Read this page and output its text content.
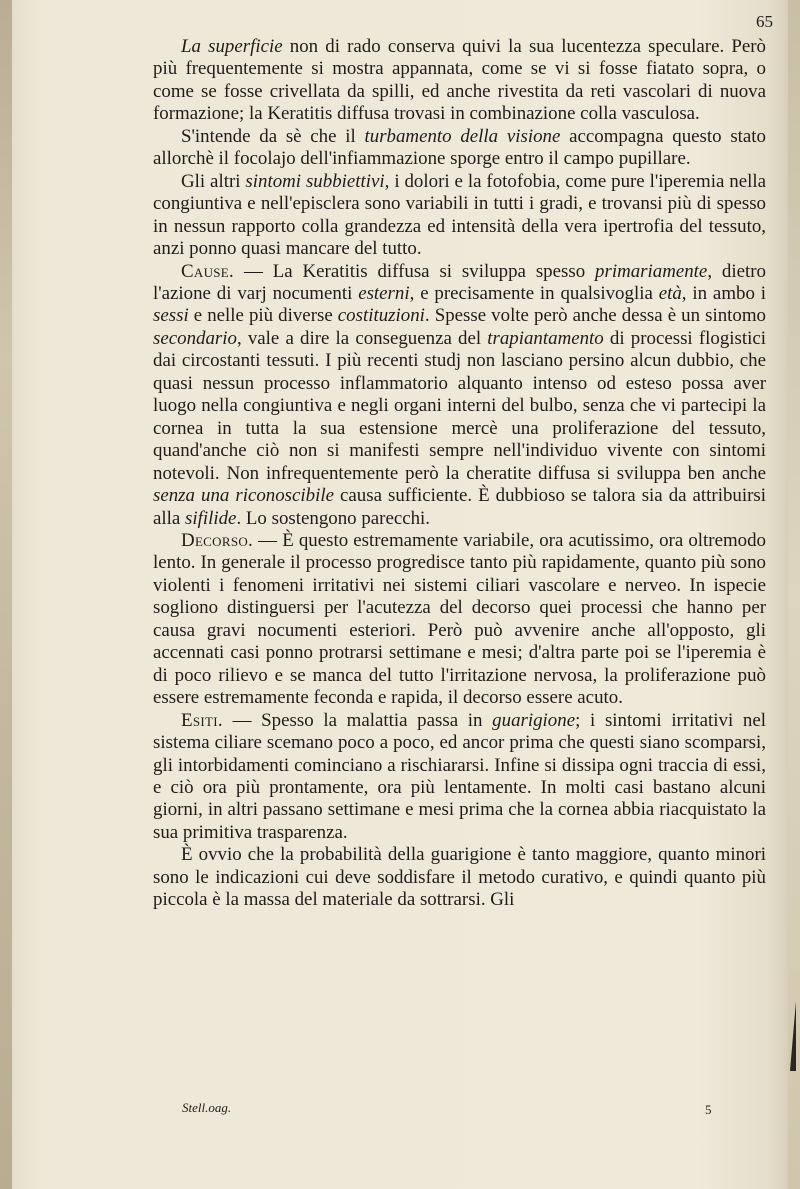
65

La superficie non di rado conserva quivi la sua lucentezza speculare. Però più frequentemente si mostra appannata, come se vi si fosse fiatato sopra, o come se fosse crivellata da spilli, ed anche rivestita da reti vascolari di nuova formazione; la Keratitis diffusa trovasi in combinazione colla vasculosa.

S'intende da sè che il turbamento della visione accompagna questo stato allorchè il focolajo dell'infiammazione sporge entro il campo pupillare.

Gli altri sintomi subbiettivi, i dolori e la fotofobia, come pure l'iperemia nella congiuntiva e nell'episclera sono variabili in tutti i gradi, e trovansi più di spesso in nessun rapporto colla grandezza ed intensità della vera ipertrofia del tessuto, anzi ponno quasi mancare del tutto.

Cause. — La Keratitis diffusa si sviluppa spesso primariamente, dietro l'azione di varj nocumenti esterni, e precisamente in qualsivoglia età, in ambo i sessi e nelle più diverse costituzioni. Spesse volte però anche dessa è un sintomo secondario, vale a dire la conseguenza del trapiantamento di processi flogistici dai circostanti tessuti. I più recenti studj non lasciano persino alcun dubbio, che quasi nessun processo inflammatorio alquanto intenso od esteso possa aver luogo nella congiuntiva e negli organi interni del bulbo, senza che vi partecipi la cornea in tutta la sua estensione mercè una proliferazione del tessuto, quand'anche ciò non si manifesti sempre nell'individuo vivente con sintomi notevoli. Non infrequentemente però la cheratite diffusa si sviluppa ben anche senza una riconoscibile causa sufficiente. È dubbioso se talora sia da attribuirsi alla sifilide. Lo sostengono parecchi.

Decorso. — È questo estremamente variabile, ora acutissimo, ora oltremodo lento. In generale il processo progredisce tanto più rapidamente, quanto più sono violenti i fenomeni irritativi nei sistemi ciliari vascolare e nerveo. In ispecie sogliono distinguersi per l'acutezza del decorso quei processi che hanno per causa gravi nocumenti esteriori. Però può avvenire anche all'opposto, gli accennati casi ponno protrarsi settimane e mesi; d'altra parte poi se l'iperemia è di poco rilievo e se manca del tutto l'irritazione nervosa, la proliferazione può essere estremamente feconda e rapida, il decorso essere acuto.

Esiti. — Spesso la malattia passa in guarigione; i sintomi irritativi nel sistema ciliare scemano poco a poco, ed ancor prima che questi siano scomparsi, gli intorbidamenti cominciano a rischiararsi. Infine si dissipa ogni traccia di essi, e ciò ora più prontamente, ora più lentamente. In molti casi bastano alcuni giorni, in altri passano settimane e mesi prima che la cornea abbia riacquistato la sua primitiva trasparenza.

È ovvio che la probabilità della guarigione è tanto maggiore, quanto minori sono le indicazioni cui deve soddisfare il metodo curativo, e quindi quanto più piccola è la massa del materiale da sottrarsi. Gli

Stell.oag.	5
